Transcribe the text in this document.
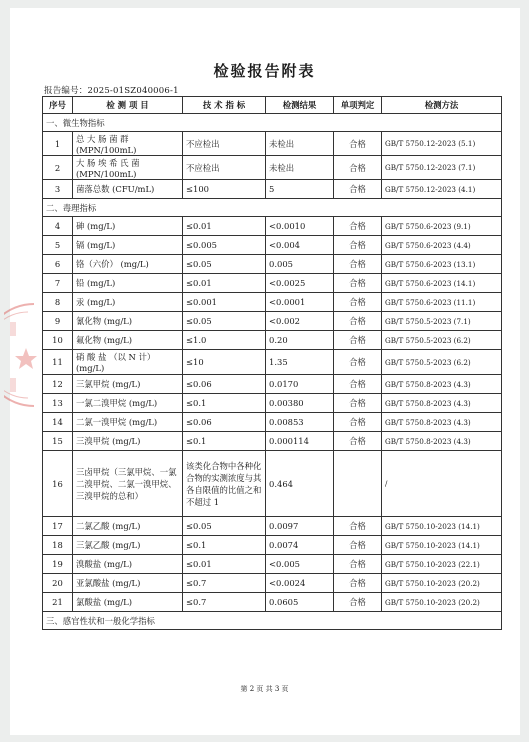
检验报告附表
报告编号：2025-01SZ040006-1
序号	检 测 项 目	技 术 指 标	检测结果	单项判定	检测方法
一、微生物指标					
1	总 大 肠 菌 群 (MPN/100mL)	不应检出	未检出	合格	GB/T 5750.12-2023 (5.1)
2	大 肠 埃 希 氏 菌 (MPN/100mL)	不应检出	未检出	合格	GB/T 5750.12-2023 (7.1)
3	菌落总数 (CFU/mL)	≤100	5	合格	GB/T 5750.12-2023 (4.1)
二、毒理指标					
4	砷 (mg/L)	≤0.01	<0.0010	合格	GB/T 5750.6-2023 (9.1)
5	镉 (mg/L)	≤0.005	<0.004	合格	GB/T 5750.6-2023 (4.4)
6	铬（六价） (mg/L)	≤0.05	0.005	合格	GB/T 5750.6-2023 (13.1)
7	铅 (mg/L)	≤0.01	<0.0025	合格	GB/T 5750.6-2023 (14.1)
8	汞 (mg/L)	≤0.001	<0.0001	合格	GB/T 5750.6-2023 (11.1)
9	氰化物 (mg/L)	≤0.05	<0.002	合格	GB/T 5750.5-2023 (7.1)
10	氟化物 (mg/L)	≤1.0	0.20	合格	GB/T 5750.5-2023 (6.2)
11	硝 酸 盐 （以 N 计） (mg/L)	≤10	1.35	合格	GB/T 5750.5-2023 (6.2)
12	三氯甲烷 (mg/L)	≤0.06	0.0170	合格	GB/T 5750.8-2023 (4.3)
13	一氯二溴甲烷 (mg/L)	≤0.1	0.00380	合格	GB/T 5750.8-2023 (4.3)
14	二氯一溴甲烷 (mg/L)	≤0.06	0.00853	合格	GB/T 5750.8-2023 (4.3)
15	三溴甲烷 (mg/L)	≤0.1	0.000114	合格	GB/T 5750.8-2023 (4.3)
16	三卤甲烷（三氯甲烷、一氯二溴甲烷、二氯一溴甲烷、三溴甲烷的总和）	该类化合物中各种化合物的实测浓度与其各自限值的比值之和不超过 1	0.464		/
17	二氯乙酸 (mg/L)	≤0.05	0.0097	合格	GB/T 5750.10-2023 (14.1)
18	三氯乙酸 (mg/L)	≤0.1	0.0074	合格	GB/T 5750.10-2023 (14.1)
19	溴酸盐 (mg/L)	≤0.01	<0.005	合格	GB/T 5750.10-2023 (22.1)
20	亚氯酸盐 (mg/L)	≤0.7	<0.0024	合格	GB/T 5750.10-2023 (20.2)
21	氯酸盐 (mg/L)	≤0.7	0.0605	合格	GB/T 5750.10-2023 (20.2)
三、感官性状和一般化学指标					
第 2 页 共 3 页
